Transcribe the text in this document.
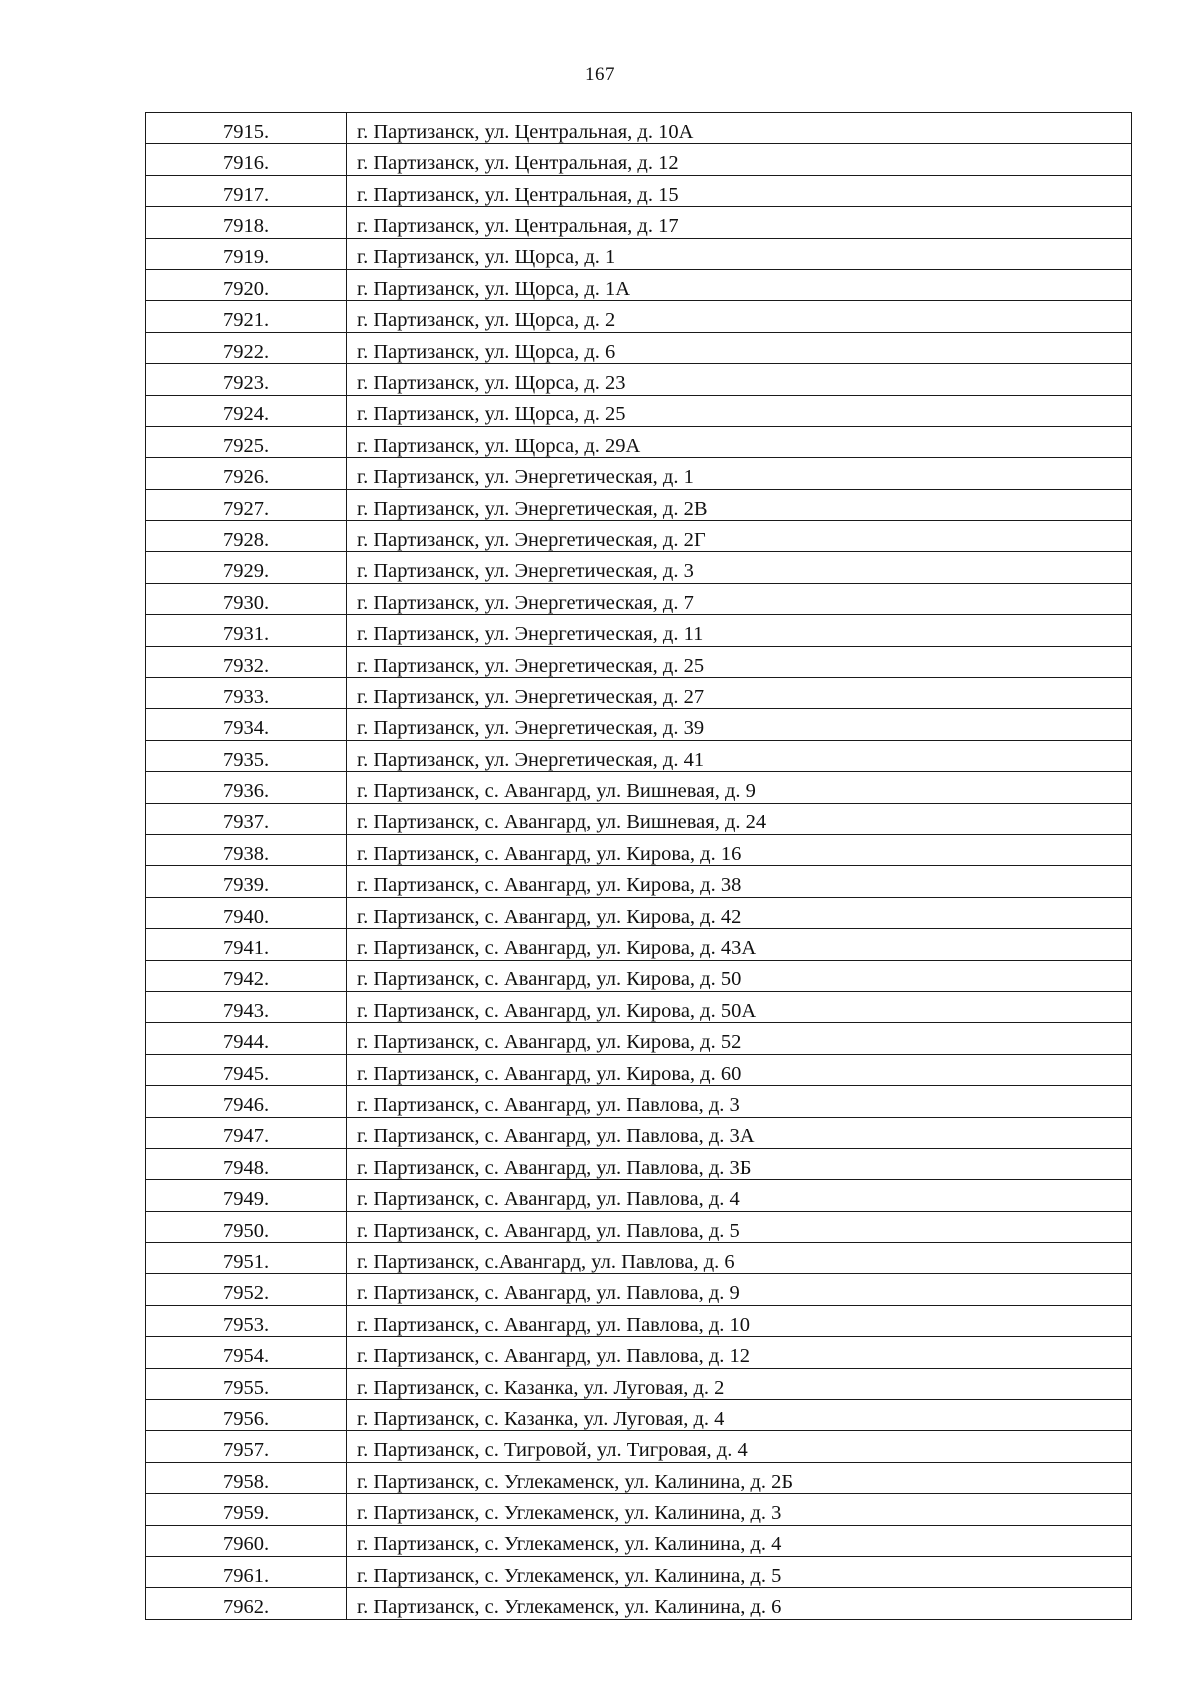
167
7915.	г. Партизанск, ул. Центральная, д. 10А
7916.	г. Партизанск, ул. Центральная, д. 12
7917.	г. Партизанск, ул. Центральная, д. 15
7918.	г. Партизанск, ул. Центральная, д. 17
7919.	г. Партизанск, ул. Щорса, д. 1
7920.	г. Партизанск, ул. Щорса, д. 1А
7921.	г. Партизанск, ул. Щорса, д. 2
7922.	г. Партизанск, ул. Щорса, д. 6
7923.	г. Партизанск, ул. Щорса, д. 23
7924.	г. Партизанск, ул. Щорса, д. 25
7925.	г. Партизанск, ул. Щорса, д. 29А
7926.	г. Партизанск, ул. Энергетическая, д. 1
7927.	г. Партизанск, ул. Энергетическая, д. 2В
7928.	г. Партизанск, ул. Энергетическая, д. 2Г
7929.	г. Партизанск, ул. Энергетическая, д. 3
7930.	г. Партизанск, ул. Энергетическая, д. 7
7931.	г. Партизанск, ул. Энергетическая, д. 11
7932.	г. Партизанск, ул. Энергетическая, д. 25
7933.	г. Партизанск, ул. Энергетическая, д. 27
7934.	г. Партизанск, ул. Энергетическая, д. 39
7935.	г. Партизанск, ул. Энергетическая, д. 41
7936.	г. Партизанск, с. Авангард, ул. Вишневая, д. 9
7937.	г. Партизанск, с. Авангард, ул. Вишневая, д. 24
7938.	г. Партизанск, с. Авангард, ул. Кирова, д. 16
7939.	г. Партизанск, с. Авангард, ул. Кирова, д. 38
7940.	г. Партизанск, с. Авангард, ул. Кирова, д. 42
7941.	г. Партизанск, с. Авангард, ул. Кирова, д. 43А
7942.	г. Партизанск, с. Авангард, ул. Кирова, д. 50
7943.	г. Партизанск, с. Авангард, ул. Кирова, д. 50А
7944.	г. Партизанск, с. Авангард, ул. Кирова, д. 52
7945.	г. Партизанск, с. Авангард, ул. Кирова, д. 60
7946.	г. Партизанск, с. Авангард, ул. Павлова, д. 3
7947.	г. Партизанск, с. Авангард, ул. Павлова, д. 3А
7948.	г. Партизанск, с. Авангард, ул. Павлова, д. 3Б
7949.	г. Партизанск, с. Авангард, ул. Павлова, д. 4
7950.	г. Партизанск, с. Авангард, ул. Павлова, д. 5
7951.	г. Партизанск, с.Авангард, ул. Павлова, д. 6
7952.	г. Партизанск, с. Авангард, ул. Павлова, д. 9
7953.	г. Партизанск, с. Авангард, ул. Павлова, д. 10
7954.	г. Партизанск, с. Авангард, ул. Павлова, д. 12
7955.	г. Партизанск, с. Казанка, ул. Луговая, д. 2
7956.	г. Партизанск, с. Казанка, ул. Луговая, д. 4
7957.	г. Партизанск, с. Тигровой, ул. Тигровая, д. 4
7958.	г. Партизанск, с. Углекаменск, ул. Калинина, д. 2Б
7959.	г. Партизанск, с. Углекаменск, ул. Калинина, д. 3
7960.	г. Партизанск, с. Углекаменск, ул. Калинина, д. 4
7961.	г. Партизанск, с. Углекаменск, ул. Калинина, д. 5
7962.	г. Партизанск, с. Углекаменск, ул. Калинина, д. 6
